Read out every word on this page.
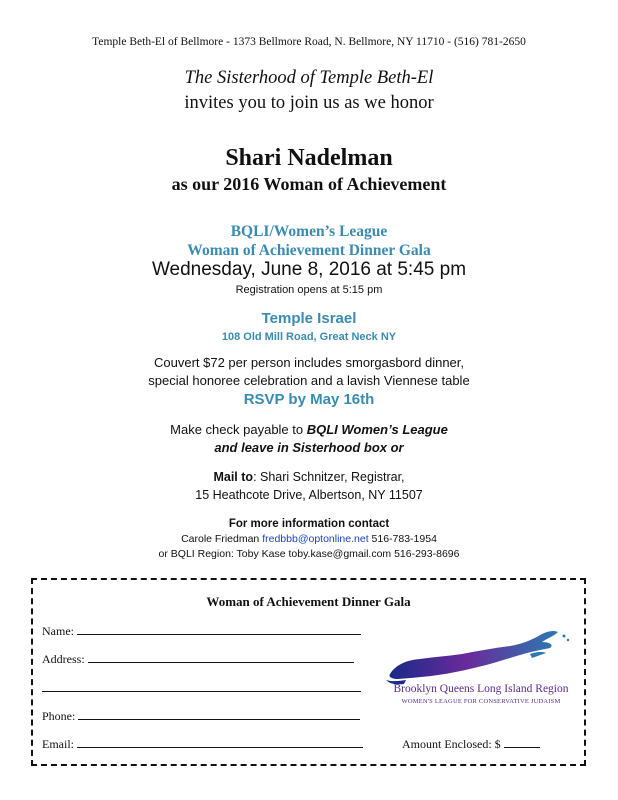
Temple Beth-El of Bellmore - 1373 Bellmore Road, N. Bellmore, NY 11710 - (516) 781-2650
The Sisterhood of Temple Beth-El
invites you to join us as we honor
Shari Nadelman
as our 2016 Woman of Achievement
BQLI/Women’s League
Woman of Achievement Dinner Gala
Wednesday, June 8, 2016 at 5:45 pm
Registration opens at 5:15 pm
Temple Israel
108 Old Mill Road, Great Neck NY
Couvert $72 per person includes smorgasbord dinner,
special honoree celebration and a lavish Viennese table
RSVP by May 16th
Make check payable to BQLI Women’s League
and leave in Sisterhood box or
Mail to: Shari Schnitzer, Registrar,
15 Heathcote Drive, Albertson, NY 11507
For more information contact
Carole Friedman fredbbb@optonline.net 516-783-1954
or BQLI Region: Toby Kase toby.kase@gmail.com 516-293-8696
Woman of Achievement Dinner Gala
Name:
Address:
Phone:
Email:	Amount Enclosed: $
Brooklyn Queens Long Island Region
WOMEN'S LEAGUE FOR CONSERVATIVE JUDAISM
